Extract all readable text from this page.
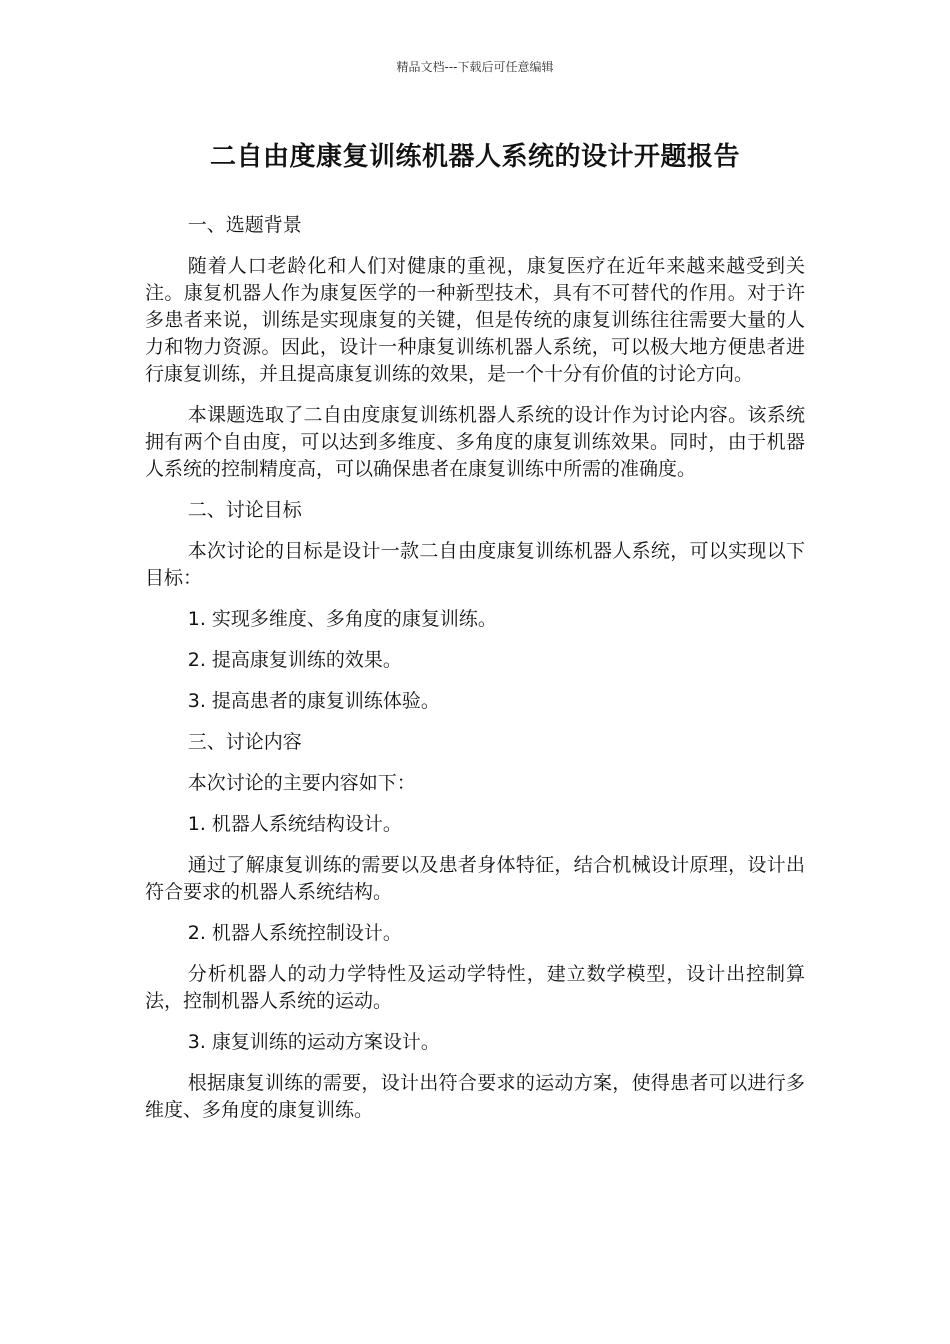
精品文档---下载后可任意编辑
二自由度康复训练机器人系统的设计开题报告

一、选题背景

随着人口老龄化和人们对健康的重视，康复医疗在近年来越来越受到关注。康复机器人作为康复医学的一种新型技术，具有不可替代的作用。对于许多患者来说，训练是实现康复的关键，但是传统的康复训练往往需要大量的人力和物力资源。因此，设计一种康复训练机器人系统，可以极大地方便患者进行康复训练，并且提高康复训练的效果，是一个十分有价值的讨论方向。

本课题选取了二自由度康复训练机器人系统的设计作为讨论内容。该系统拥有两个自由度，可以达到多维度、多角度的康复训练效果。同时，由于机器人系统的控制精度高，可以确保患者在康复训练中所需的准确度。

二、讨论目标

本次讨论的目标是设计一款二自由度康复训练机器人系统，可以实现以下目标：

1. 实现多维度、多角度的康复训练。

2. 提高康复训练的效果。

3. 提高患者的康复训练体验。

三、讨论内容

本次讨论的主要内容如下：

1. 机器人系统结构设计。

通过了解康复训练的需要以及患者身体特征，结合机械设计原理，设计出符合要求的机器人系统结构。

2. 机器人系统控制设计。

分析机器人的动力学特性及运动学特性，建立数学模型，设计出控制算法，控制机器人系统的运动。

3. 康复训练的运动方案设计。

根据康复训练的需要，设计出符合要求的运动方案，使得患者可以进行多维度、多角度的康复训练。
